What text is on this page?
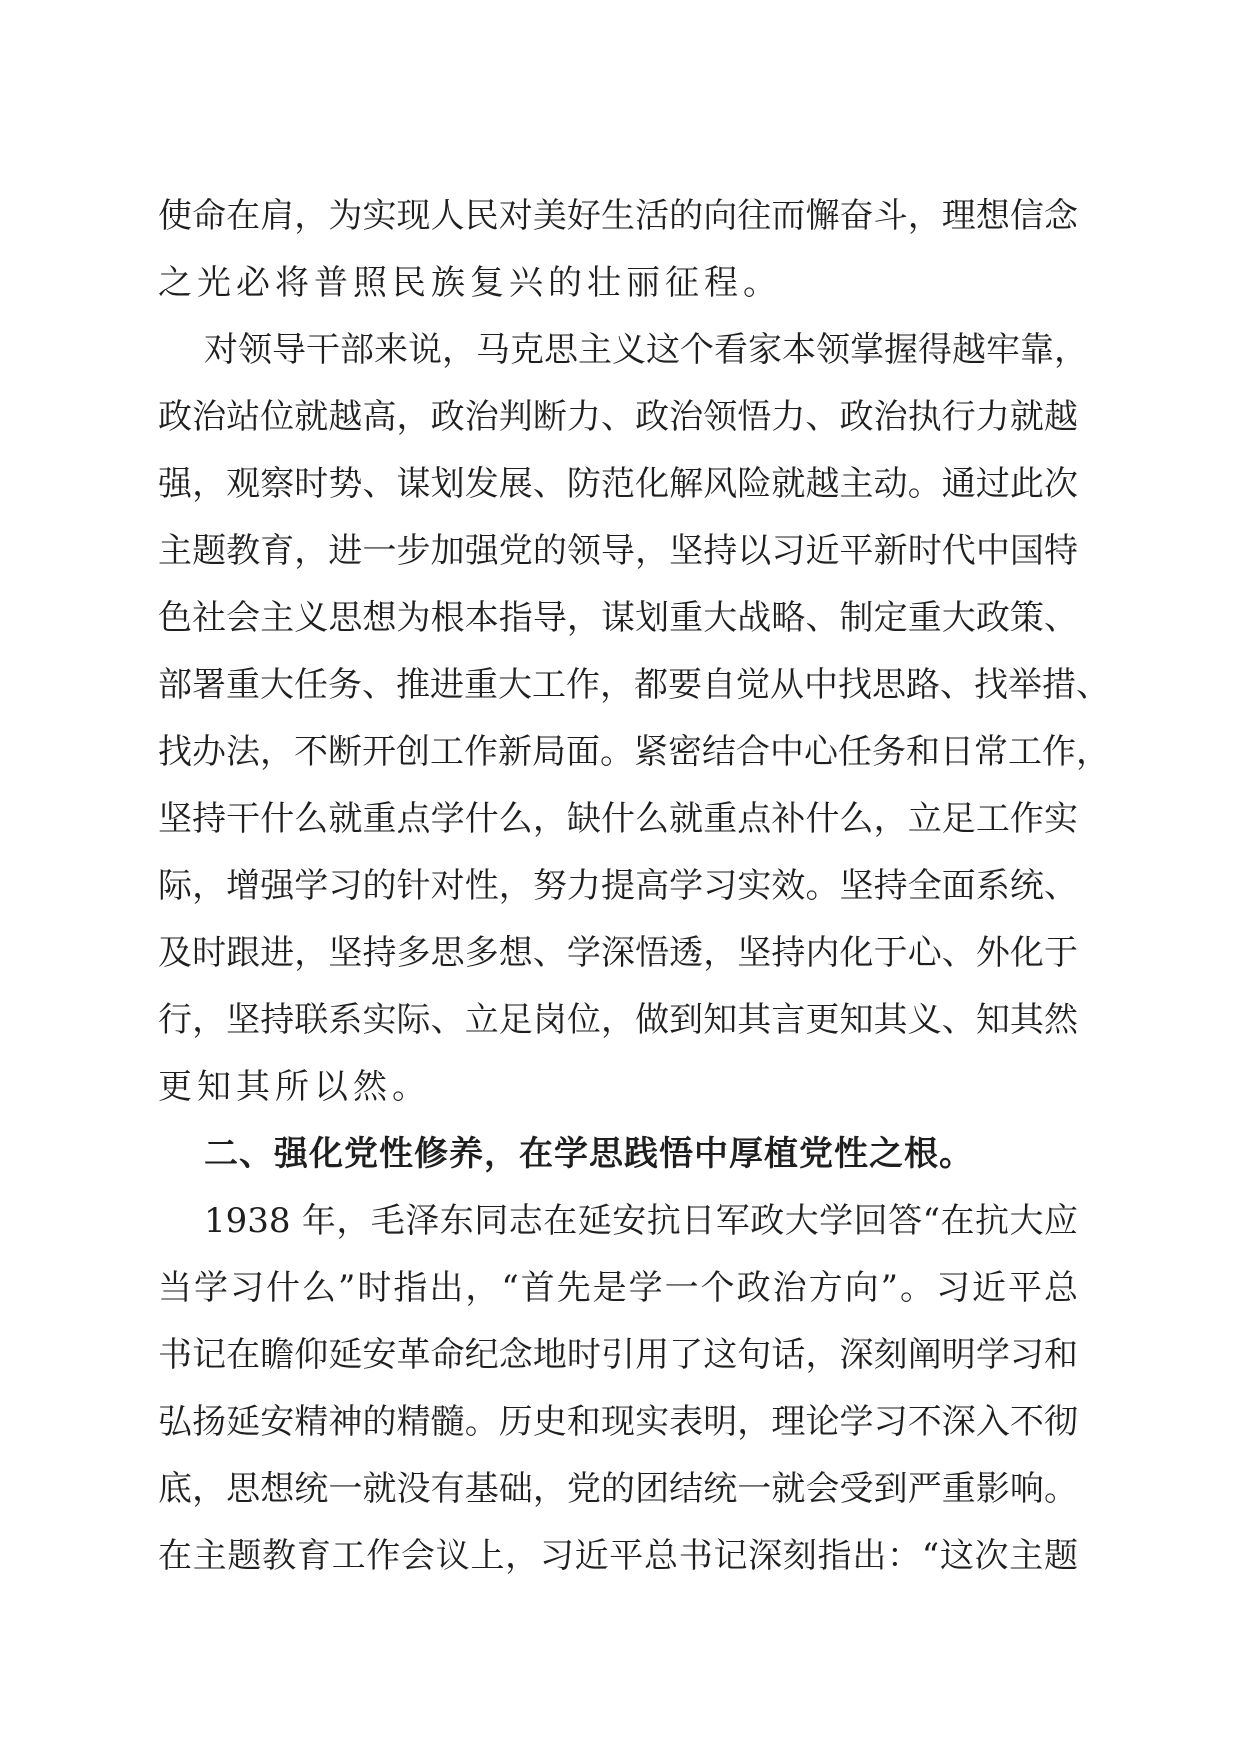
使命在肩，为实现人民对美好生活的向往而懈奋斗，理想信念
之光必将普照民族复兴的壮丽征程。
对领导干部来说，马克思主义这个看家本领掌握得越牢靠，
政治站位就越高，政治判断力、政治领悟力、政治执行力就越
强，观察时势、谋划发展、防范化解风险就越主动。通过此次
主题教育，进一步加强党的领导，坚持以习近平新时代中国特
色社会主义思想为根本指导，谋划重大战略、制定重大政策、
部署重大任务、推进重大工作，都要自觉从中找思路、找举措、
找办法，不断开创工作新局面。紧密结合中心任务和日常工作，
坚持干什么就重点学什么，缺什么就重点补什么，立足工作实
际，增强学习的针对性，努力提高学习实效。坚持全面系统、
及时跟进，坚持多思多想、学深悟透，坚持内化于心、外化于
行，坚持联系实际、立足岗位，做到知其言更知其义、知其然
更知其所以然。
二、强化党性修养，在学思践悟中厚植党性之根。
1938 年，毛泽东同志在延安抗日军政大学回答“在抗大应
当学习什么”时指出，“首先是学一个政治方向”。习近平总
书记在瞻仰延安革命纪念地时引用了这句话，深刻阐明学习和
弘扬延安精神的精髓。历史和现实表明，理论学习不深入不彻
底，思想统一就没有基础，党的团结统一就会受到严重影响。
在主题教育工作会议上，习近平总书记深刻指出：“这次主题
